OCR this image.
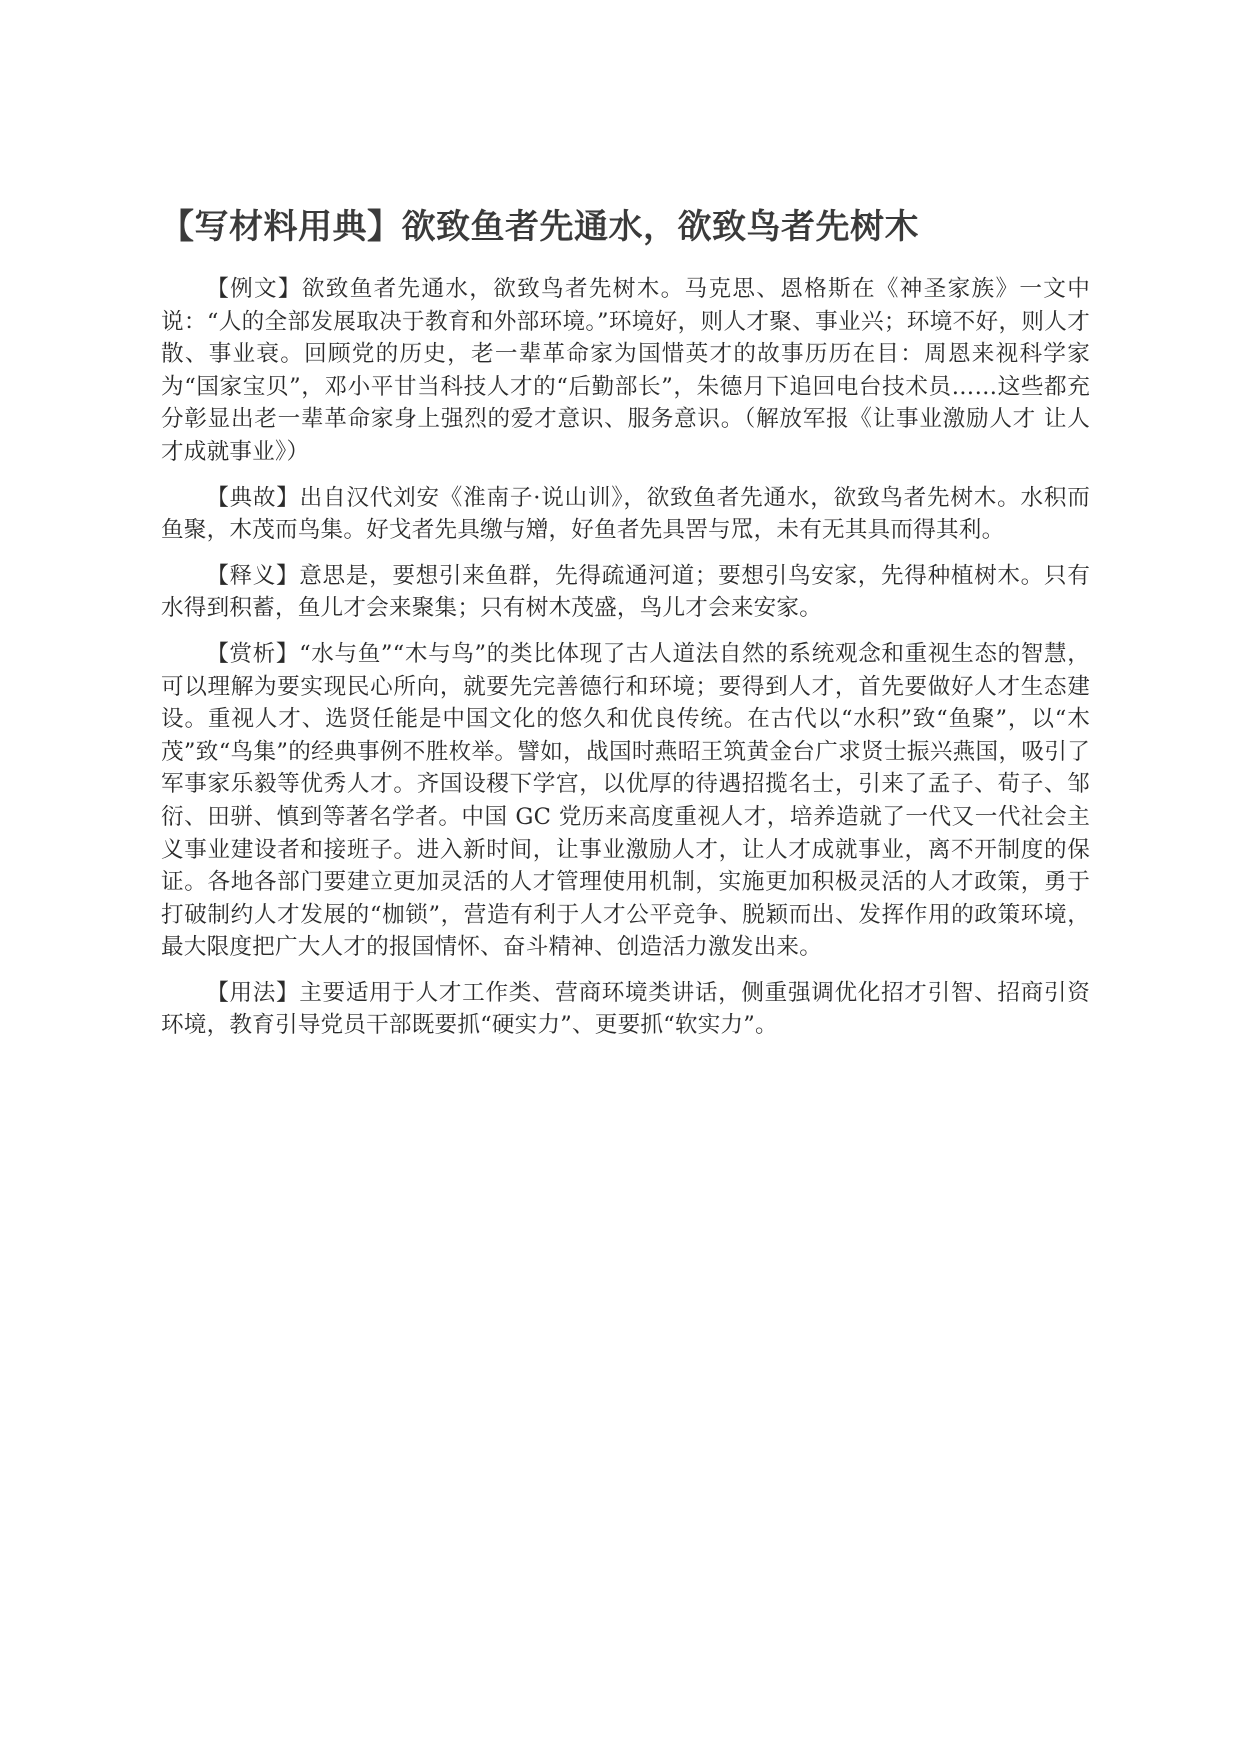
【写材料用典】欲致鱼者先通水，欲致鸟者先树木

【例文】欲致鱼者先通水，欲致鸟者先树木。马克思、恩格斯在《神圣家族》一文中说：“人的全部发展取决于教育和外部环境。”环境好，则人才聚、事业兴；环境不好，则人才散、事业衰。回顾党的历史，老一辈革命家为国惜英才的故事历历在目：周恩来视科学家为“国家宝贝”，邓小平甘当科技人才的“后勤部长”，朱德月下追回电台技术员……这些都充分彰显出老一辈革命家身上强烈的爱才意识、服务意识。（解放军报《让事业激励人才 让人才成就事业》）

【典故】出自汉代刘安《淮南子·说山训》，欲致鱼者先通水，欲致鸟者先树木。水积而鱼聚，木茂而鸟集。好戈者先具缴与矰，好鱼者先具罟与罛，未有无其具而得其利。

【释义】意思是，要想引来鱼群，先得疏通河道；要想引鸟安家，先得种植树木。只有水得到积蓄，鱼儿才会来聚集；只有树木茂盛，鸟儿才会来安家。

【赏析】“水与鱼”“木与鸟”的类比体现了古人道法自然的系统观念和重视生态的智慧，可以理解为要实现民心所向，就要先完善德行和环境；要得到人才，首先要做好人才生态建设。重视人才、选贤任能是中国文化的悠久和优良传统。在古代以“水积”致“鱼聚”，以“木茂”致“鸟集”的经典事例不胜枚举。譬如，战国时燕昭王筑黄金台广求贤士振兴燕国，吸引了军事家乐毅等优秀人才。齐国设稷下学宫，以优厚的待遇招揽名士，引来了孟子、荀子、邹衍、田骈、慎到等著名学者。中国 GC 党历来高度重视人才，培养造就了一代又一代社会主义事业建设者和接班子。进入新时间，让事业激励人才，让人才成就事业，离不开制度的保证。各地各部门要建立更加灵活的人才管理使用机制，实施更加积极灵活的人才政策，勇于打破制约人才发展的“枷锁”，营造有利于人才公平竞争、脱颖而出、发挥作用的政策环境，最大限度把广大人才的报国情怀、奋斗精神、创造活力激发出来。

【用法】主要适用于人才工作类、营商环境类讲话，侧重强调优化招才引智、招商引资环境，教育引导党员干部既要抓“硬实力”、更要抓“软实力”。
